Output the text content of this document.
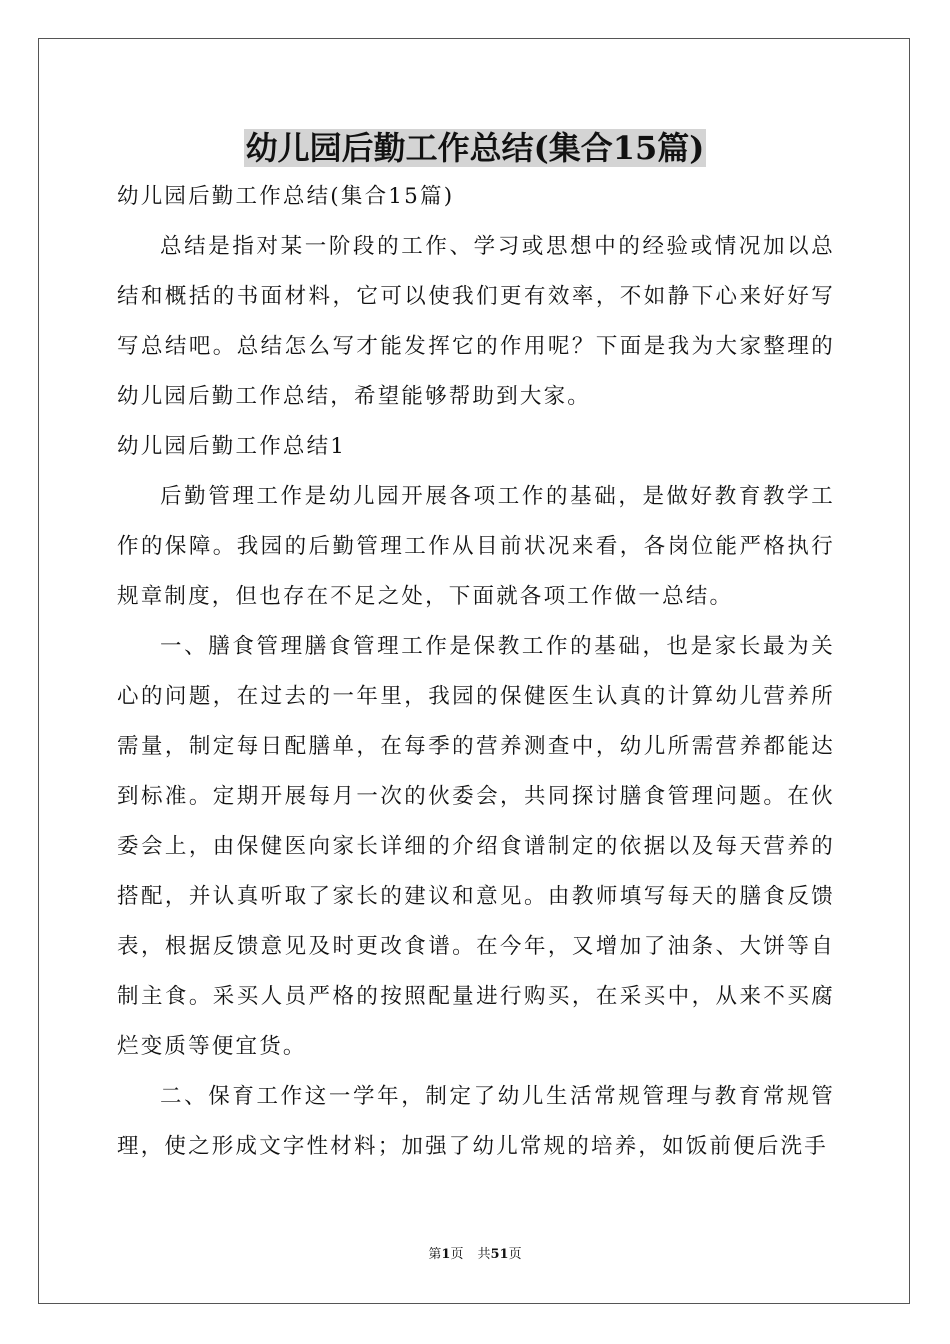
幼儿园后勤工作总结(集合15篇)

幼儿园后勤工作总结(集合15篇)

总结是指对某一阶段的工作、学习或思想中的经验或情况加以总结和概括的书面材料，它可以使我们更有效率，不如静下心来好好写写总结吧。总结怎么写才能发挥它的作用呢？下面是我为大家整理的幼儿园后勤工作总结，希望能够帮助到大家。

幼儿园后勤工作总结1

后勤管理工作是幼儿园开展各项工作的基础，是做好教育教学工作的保障。我园的后勤管理工作从目前状况来看，各岗位能严格执行规章制度，但也存在不足之处，下面就各项工作做一总结。

一、膳食管理膳食管理工作是保教工作的基础，也是家长最为关心的问题，在过去的一年里，我园的保健医生认真的计算幼儿营养所需量，制定每日配膳单，在每季的营养测查中，幼儿所需营养都能达到标准。定期开展每月一次的伙委会，共同探讨膳食管理问题。在伙委会上，由保健医向家长详细的介绍食谱制定的依据以及每天营养的搭配，并认真听取了家长的建议和意见。由教师填写每天的膳食反馈表，根据反馈意见及时更改食谱。在今年，又增加了油条、大饼等自制主食。采买人员严格的按照配量进行购买，在采买中，从来不买腐烂变质等便宜货。

二、保育工作这一学年，制定了幼儿生活常规管理与教育常规管理，使之形成文字性材料；加强了幼儿常规的培养，如饭前便后洗手

第1页 共51页
